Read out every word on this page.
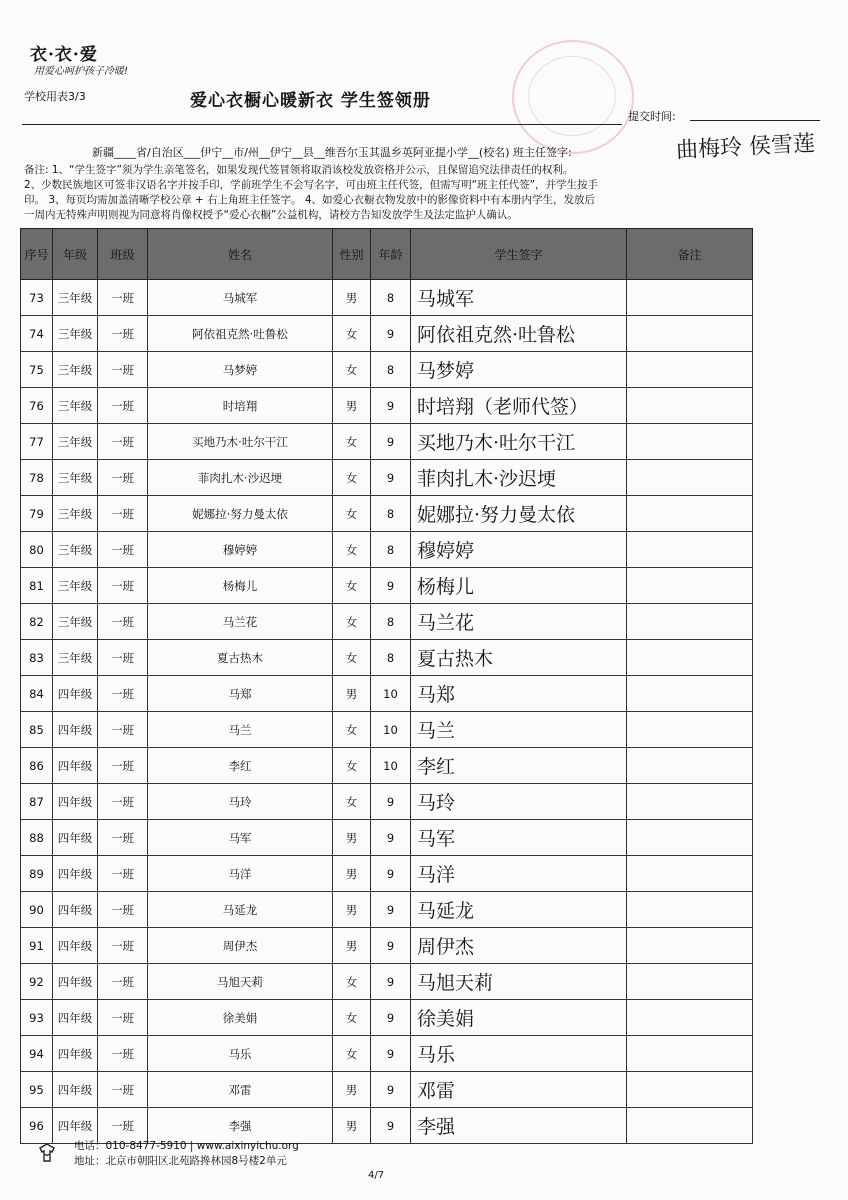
衣·衣·爱
用爱心呵护孩子冷暖!
学校用表3/3	爱心衣橱心暖新衣 学生签领册
提交时间:
新疆____省/自治区___伊宁__市/州__伊宁__县__维吾尔玉其温乡英阿亚提小学__(校名) 班主任签字:	曲梅玲 侯雪莲
备注: 1、“学生签字”须为学生亲笔签名，如果发现代签冒领将取消该校发放资格并公示，且保留追究法律责任的权利。
2、少数民族地区可签非汉语名字并按手印，学前班学生不会写名字，可由班主任代签，但需写明“班主任代签”，并学生按手
印。 3、每页均需加盖清晰学校公章 + 右上角班主任签字。 4、如爱心衣橱衣物发放中的影像资料中有本册内学生，发放后
一周内无特殊声明则视为同意将肖像权授予“爱心衣橱”公益机构，请校方告知发放学生及法定监护人确认。
序号	年级	班级	姓名	性别	年龄	学生签字	备注
73	三年级	一班	马城军	男	8	马城军	
74	三年级	一班	阿依祖克然·吐鲁松	女	9	阿依祖克然·吐鲁松	
75	三年级	一班	马梦婷	女	8	马梦婷	
76	三年级	一班	时培翔	男	9	时培翔（老师代签）	
77	三年级	一班	买地乃木·吐尔干江	女	9	买地乃木·吐尔干江	
78	三年级	一班	菲肉扎木·沙迟埂	女	9	菲肉扎木·沙迟埂	
79	三年级	一班	妮娜拉·努力曼太依	女	8	妮娜拉·努力曼太依	
80	三年级	一班	穆婷婷	女	8	穆婷婷	
81	三年级	一班	杨梅儿	女	9	杨梅儿	
82	三年级	一班	马兰花	女	8	马兰花	
83	三年级	一班	夏古热木	女	8	夏古热木	
84	四年级	一班	马郑	男	10	马郑	
85	四年级	一班	马兰	女	10	马兰	
86	四年级	一班	李红	女	10	李红	
87	四年级	一班	马玲	女	9	马玲	
88	四年级	一班	马军	男	9	马军	
89	四年级	一班	马洋	男	9	马洋	
90	四年级	一班	马延龙	男	9	马延龙	
91	四年级	一班	周伊杰	男	9	周伊杰	
92	四年级	一班	马旭天莉	女	9	马旭天莉	
93	四年级	一班	徐美娟	女	9	徐美娟	
94	四年级	一班	马乐	女	9	马乐	
95	四年级	一班	邓雷	男	9	邓雷	
96	四年级	一班	李强	男	9	李强	
电话：010-8477-5910 | www.aixinyichu.org
地址：北京市朝阳区北苑路搀林园8号楼2单元
4/7
